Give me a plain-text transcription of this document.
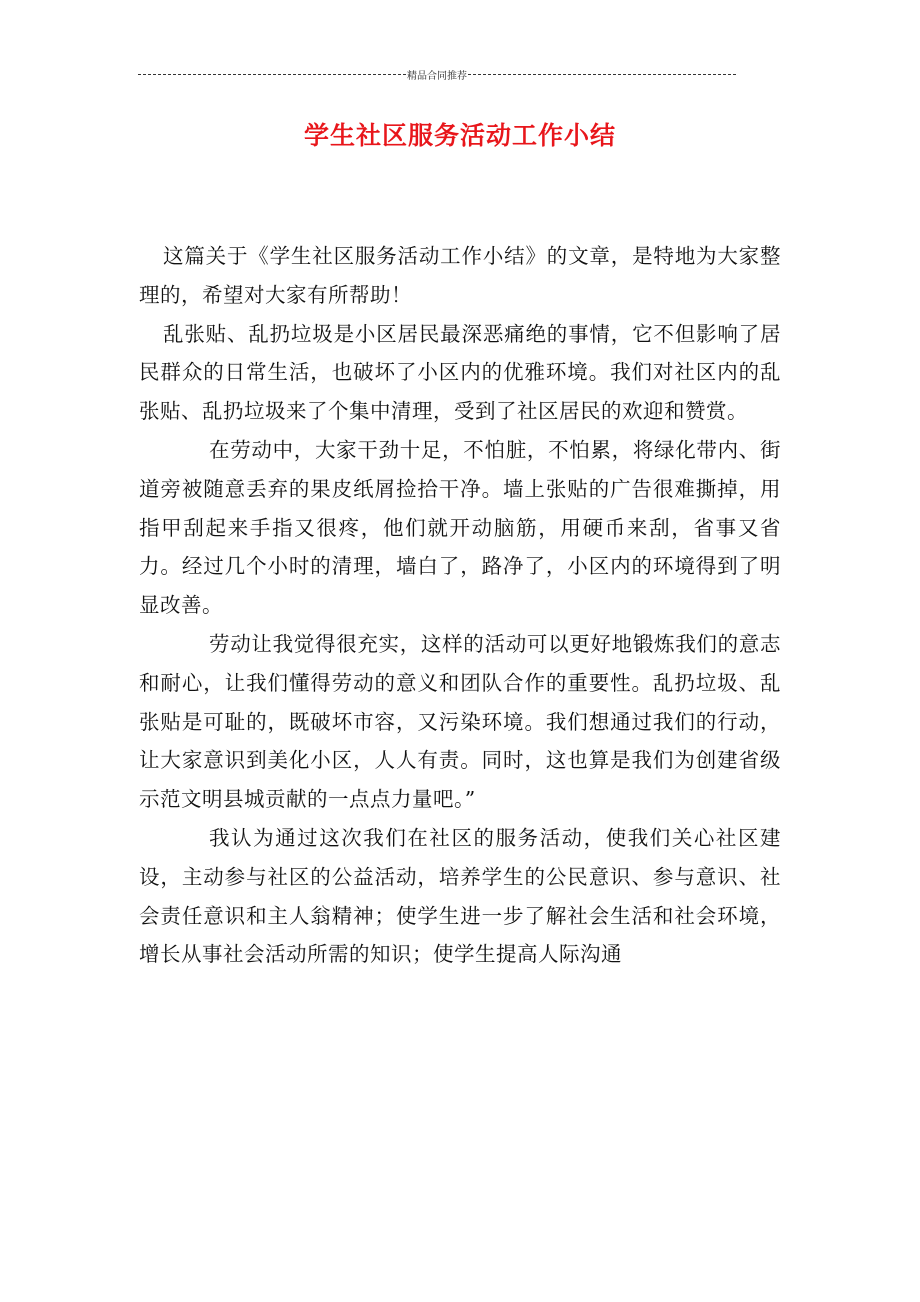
精品合同推荐
学生社区服务活动工作小结

这篇关于《学生社区服务活动工作小结》的文章，是特地为大家整理的，希望对大家有所帮助！

乱张贴、乱扔垃圾是小区居民最深恶痛绝的事情，它不但影响了居民群众的日常生活，也破坏了小区内的优雅环境。我们对社区内的乱张贴、乱扔垃圾来了个集中清理，受到了社区居民的欢迎和赞赏。

在劳动中，大家干劲十足，不怕脏，不怕累，将绿化带内、街道旁被随意丢弃的果皮纸屑捡拾干净。墙上张贴的广告很难撕掉，用指甲刮起来手指又很疼，他们就开动脑筋，用硬币来刮，省事又省力。经过几个小时的清理，墙白了，路净了，小区内的环境得到了明显改善。

劳动让我觉得很充实，这样的活动可以更好地锻炼我们的意志和耐心，让我们懂得劳动的意义和团队合作的重要性。乱扔垃圾、乱张贴是可耻的，既破坏市容，又污染环境。我们想通过我们的行动，让大家意识到美化小区，人人有责。同时，这也算是我们为创建省级示范文明县城贡献的一点点力量吧。”

我认为通过这次我们在社区的服务活动，使我们关心社区建设，主动参与社区的公益活动，培养学生的公民意识、参与意识、社会责任意识和主人翁精神；使学生进一步了解社会生活和社会环境，增长从事社会活动所需的知识；使学生提高人际沟通
